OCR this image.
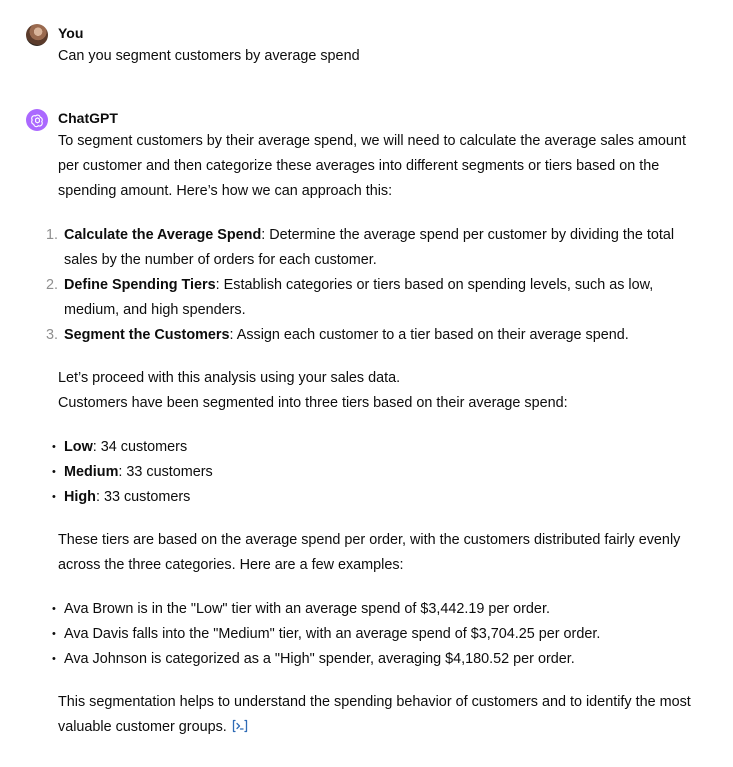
You
Can you segment customers by average spend
ChatGPT

To segment customers by their average spend, we will need to calculate the average sales amount per customer and then categorize these averages into different segments or tiers based on the spending amount. Here’s how we can approach this:

1. Calculate the Average Spend: Determine the average spend per customer by dividing the total sales by the number of orders for each customer.
2. Define Spending Tiers: Establish categories or tiers based on spending levels, such as low, medium, and high spenders.
3. Segment the Customers: Assign each customer to a tier based on their average spend.

Let’s proceed with this analysis using your sales data.

Customers have been segmented into three tiers based on their average spend:

• Low: 34 customers
• Medium: 33 customers
• High: 33 customers

These tiers are based on the average spend per order, with the customers distributed fairly evenly across the three categories. Here are a few examples:

• Ava Brown is in the "Low" tier with an average spend of $3,442.19 per order.
• Ava Davis falls into the "Medium" tier, with an average spend of $3,704.25 per order.
• Ava Johnson is categorized as a "High" spender, averaging $4,180.52 per order.

This segmentation helps to understand the spending behavior of customers and to identify the most valuable customer groups.
